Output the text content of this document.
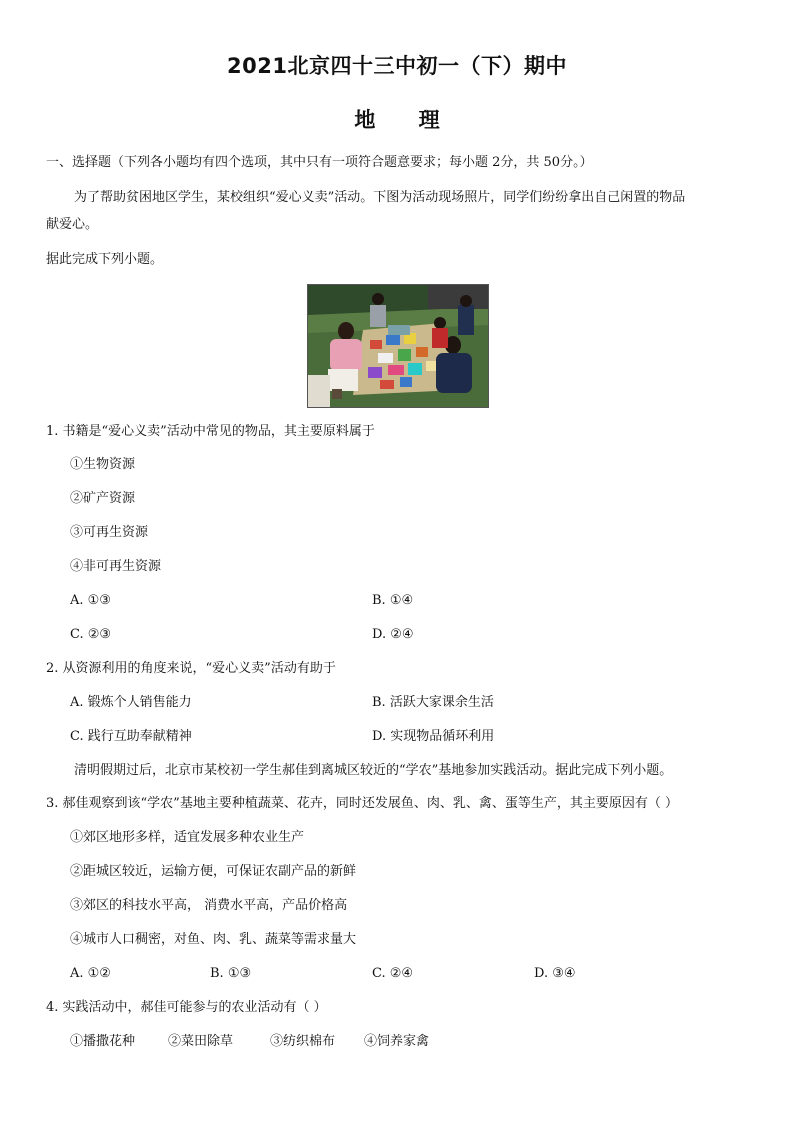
2021北京四十三中初一（下）期中
地 理
一、选择题（下列各小题均有四个选项，其中只有一项符合题意要求；每小题 2分，共 50分。）
为了帮助贫困地区学生，某校组织“爱心义卖”活动。下图为活动现场照片，同学们纷纷拿出自己闲置的物品
献爱心。
据此完成下列小题。
1. 书籍是“爱心义卖”活动中常见的物品，其主要原料属于
①生物资源
②矿产资源
③可再生资源
④非可再生资源
A. ①③	B. ①④
C. ②③	D. ②④
2. 从资源利用的角度来说，“爱心义卖”活动有助于
A. 锻炼个人销售能力	B. 活跃大家课余生活
C. 践行互助奉献精神	D. 实现物品循环利用
清明假期过后，北京市某校初一学生郝佳到离城区较近的“学农”基地参加实践活动。据此完成下列小题。
3. 郝佳观察到该“学农”基地主要种植蔬菜、花卉，同时还发展鱼、肉、乳、禽、蛋等生产，其主要原因有（ ）
①郊区地形多样，适宜发展多种农业生产
②距城区较近，运输方便，可保证农副产品的新鲜
③郊区的科技水平高， 消费水平高，产品价格高
④城市人口稠密，对鱼、肉、乳、蔬菜等需求量大
A. ①②	B. ①③	C. ②④	D. ③④
4. 实践活动中，郝佳可能参与的农业活动有（ ）
①播撒花种	②菜田除草	③纺织棉布 ④饲养家禽
